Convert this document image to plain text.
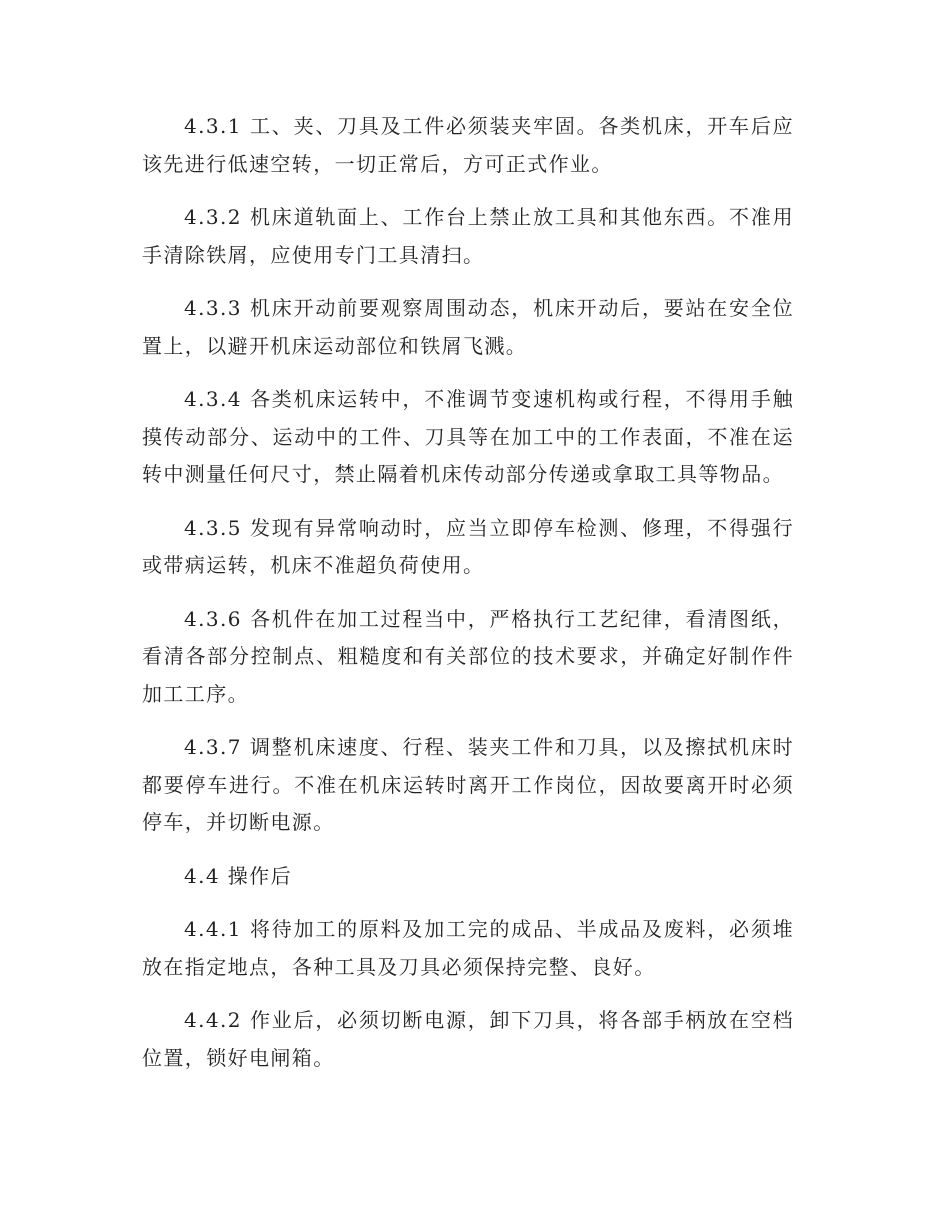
4.3.1 工、夹、刀具及工件必须装夹牢固。各类机床，开车后应该先进行低速空转，一切正常后，方可正式作业。

4.3.2 机床道轨面上、工作台上禁止放工具和其他东西。不准用手清除铁屑，应使用专门工具清扫。

4.3.3 机床开动前要观察周围动态，机床开动后，要站在安全位置上，以避开机床运动部位和铁屑飞溅。

4.3.4 各类机床运转中，不准调节变速机构或行程，不得用手触摸传动部分、运动中的工件、刀具等在加工中的工作表面，不准在运转中测量任何尺寸，禁止隔着机床传动部分传递或拿取工具等物品。

4.3.5 发现有异常响动时，应当立即停车检测、修理，不得强行或带病运转，机床不准超负荷使用。

4.3.6 各机件在加工过程当中，严格执行工艺纪律，看清图纸，看清各部分控制点、粗糙度和有关部位的技术要求，并确定好制作件加工工序。

4.3.7 调整机床速度、行程、装夹工件和刀具，以及擦拭机床时都要停车进行。不准在机床运转时离开工作岗位，因故要离开时必须停车，并切断电源。

4.4 操作后

4.4.1 将待加工的原料及加工完的成品、半成品及废料，必须堆放在指定地点，各种工具及刀具必须保持完整、良好。

4.4.2 作业后，必须切断电源，卸下刀具，将各部手柄放在空档位置，锁好电闸箱。
